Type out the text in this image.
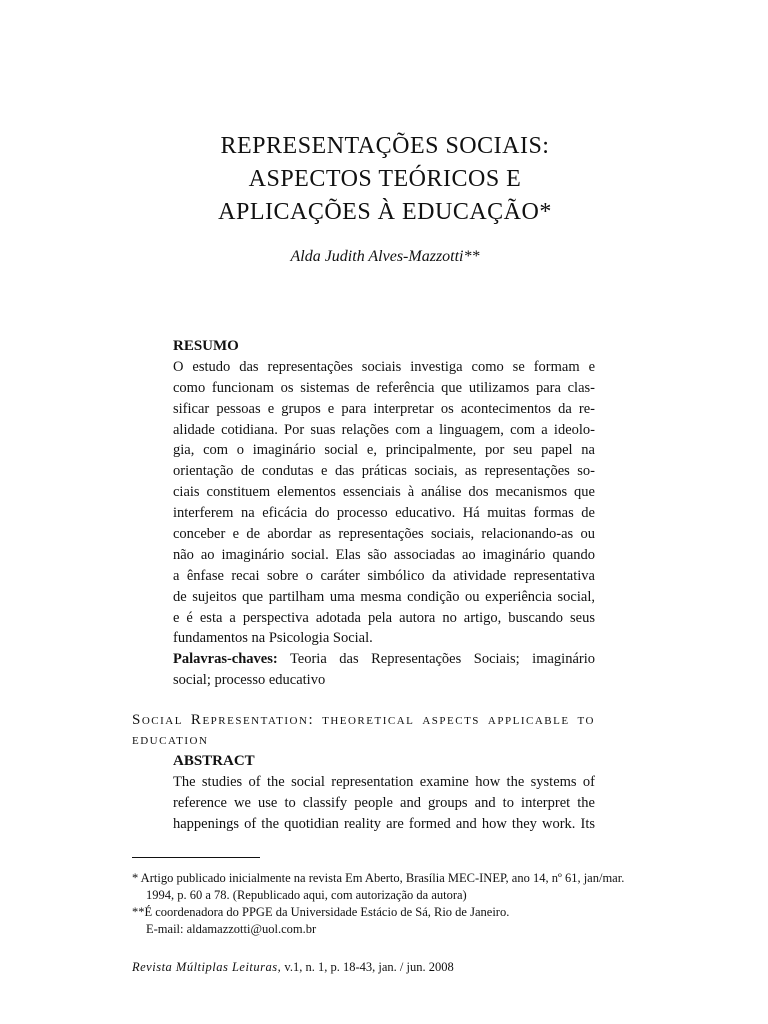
REPRESENTAÇÕES SOCIAIS:
ASPECTOS TEÓRICOS E
APLICAÇÕES À EDUCAÇÃO*
Alda Judith Alves-Mazzotti**
RESUMO
O estudo das representações sociais investiga como se formam e
como funcionam os sistemas de referência que utilizamos para clas-
sificar pessoas e grupos e para interpretar os acontecimentos da re-
alidade cotidiana. Por suas relações com a linguagem, com a ideolo-
gia, com o imaginário social e, principalmente, por seu papel na
orientação de condutas e das práticas sociais, as representações so-
ciais constituem elementos essenciais à análise dos mecanismos que
interferem na eficácia do processo educativo. Há muitas formas de
conceber e de abordar as representações sociais, relacionando-as ou
não ao imaginário social. Elas são associadas ao imaginário quando
a ênfase recai sobre o caráter simbólico da atividade representativa
de sujeitos que partilham uma mesma condição ou experiência social,
e é esta a perspectiva adotada pela autora no artigo, buscando seus
fundamentos na Psicologia Social.
Palavras-chaves: Teoria das Representações Sociais; imaginário
social; processo educativo
Social Representation: theoretical aspects applicable to
education
ABSTRACT
The studies of the social representation examine how the systems of
reference we use to classify people and groups and to interpret the
happenings of the quotidian reality are formed and how they work. Its
* Artigo publicado inicialmente na revista Em Aberto, Brasília MEC-INEP, ano 14, nº 61, jan/mar.
1994, p. 60 a 78. (Republicado aqui, com autorização da autora)
**É coordenadora do PPGE da Universidade Estácio de Sá, Rio de Janeiro.
E-mail: aldamazzotti@uol.com.br
Revista Múltiplas Leituras, v.1, n. 1, p. 18-43, jan. / jun. 2008
